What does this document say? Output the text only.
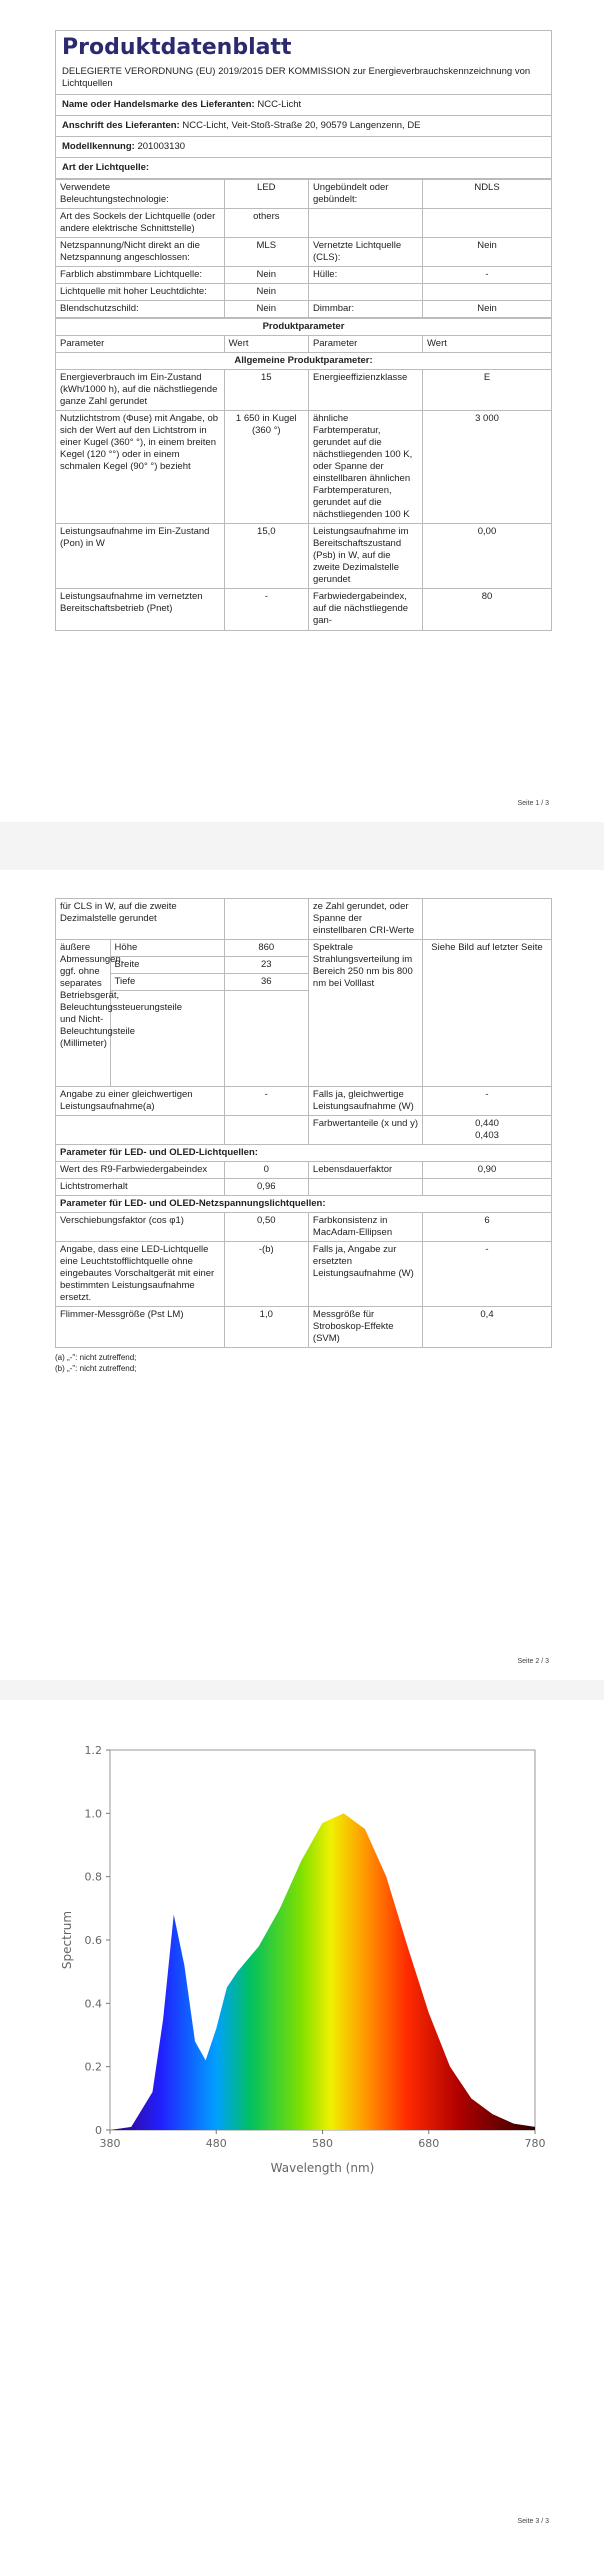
Produktdatenblatt
DELEGIERTE VERORDNUNG (EU) 2019/2015 DER KOMMISSION zur Energieverbrauchskennzeichnung von Lichtquellen
Name oder Handelsmarke des Lieferanten: NCC-Licht
Anschrift des Lieferanten: NCC-Licht, Veit-Stoß-Straße 20, 90579 Langenzenn, DE
Modellkennung: 201003130
Art der Lichtquelle:
Verwendete Beleuchtungstechnologie:	LED	Ungebündelt oder gebündelt:	NDLS
Art des Sockels der Lichtquelle (oder andere elektrische Schnittstelle)	others		
Netzspannung/Nicht direkt an die Netzspannung angeschlossen:	MLS	Vernetzte Lichtquelle (CLS):	Nein
Farblich abstimmbare Lichtquelle:	Nein	Hülle:	-
Lichtquelle mit hoher Leuchtdichte:	Nein		
Blendschutzschild:	Nein	Dimmbar:	Nein
Produktparameter			
Parameter	Wert	Parameter	Wert
Allgemeine Produktparameter:			
Energieverbrauch im Ein-Zustand (kWh/1000 h), auf die nächstliegende ganze Zahl gerundet	15	Energieeffizienzklasse	E
Nutzlichtstrom (Φuse) mit Angabe, ob sich der Wert auf den Lichtstrom in einer Kugel (360° °), in einem breiten Kegel (120 °°) oder in einem schmalen Kegel (90° °) bezieht	1 650 in Kugel (360 °)	ähnliche Farbtemperatur, gerundet auf die nächstliegenden 100 K, oder Spanne der einstellbaren ähnlichen Farbtemperaturen, gerundet auf die nächstliegenden 100 K	3 000
Leistungsaufnahme im Ein-Zustand (Pon) in W	15,0	Leistungsaufnahme im Bereitschaftszustand (Psb) in W, auf die zweite Dezimalstelle gerundet	0,00
Leistungsaufnahme im vernetzten Bereitschaftsbetrieb (Pnet)	-	Farbwiedergabeindex, auf die nächstliegende gan-	80
Seite 1 / 3
für CLS in W, auf die zweite Dezimalstelle gerundet			ze Zahl gerundet, oder Spanne der einstellbaren CRI-Werte	
äußere Abmessungen, ggf. ohne separates Betriebsgerät, Beleuchtungssteuerungsteile und Nicht-Beleuchtungsteile (Millimeter)	Höhe	860	Spektrale Strahlungsverteilung im Bereich 250 nm bis 800 nm bei Volllast	Siehe Bild auf letzter Seite
	Breite	23		
	Tiefe	36		

Angabe zu einer gleichwertigen Leistungsaufnahme(a)		-	Falls ja, gleichwertige Leistungsaufnahme (W)	-
			Farbwertanteile (x und y)	0,440
0,403
Parameter für LED- und OLED-Lichtquellen:				
Wert des R9-Farbwiedergabeindex		0	Lebensdauerfaktor	0,90
Lichtstromerhalt		0,96		
Parameter für LED- und OLED-Netzspannungslichtquellen:				
Verschiebungsfaktor (cos φ1)		0,50	Farbkonsistenz in MacAdam-Ellipsen	6
Angabe, dass eine LED-Lichtquelle eine Leuchtstofflichtquelle ohne eingebautes Vorschaltgerät mit einer bestimmten Leistungsaufnahme ersetzt.		-(b)	Falls ja, Angabe zur ersetzten Leistungsaufnahme (W)	-
Flimmer-Messgröße (Pst LM)		1,0	Messgröße für Stroboskop-Effekte (SVM)	0,4
(a) „-": nicht zutreffend;
(b) „-": nicht zutreffend;
Seite 2 / 3
0
0.2
0.4
0.6
0.8
1.0
1.2
380	480	580	680	780
Wavelength (nm)
Spectrum
Seite 3 / 3
